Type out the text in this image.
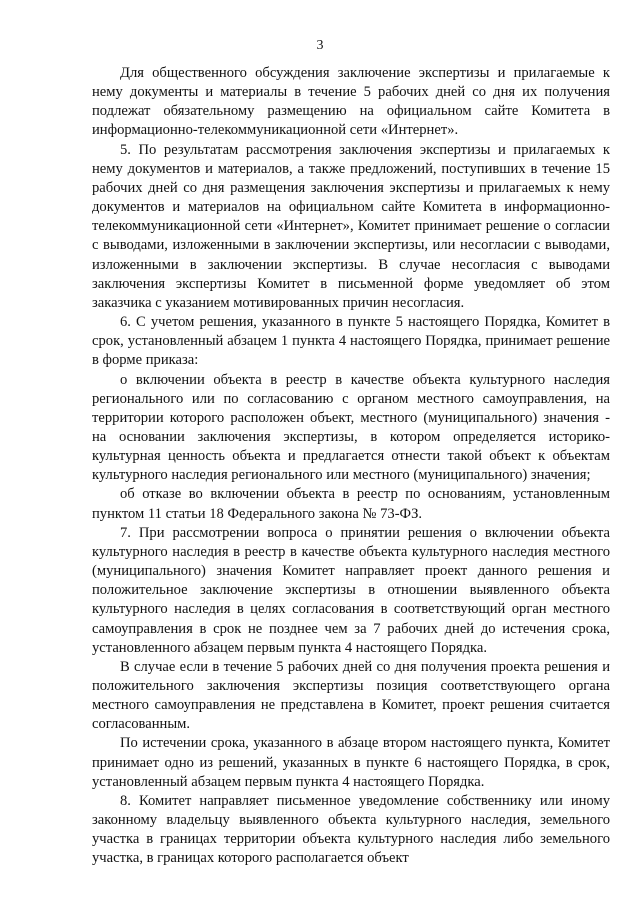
3

Для общественного обсуждения заключение экспертизы и прилагаемые к нему документы и материалы в течение 5 рабочих дней со дня их получения подлежат обязательному размещению на официальном сайте Комитета в информационно-телекоммуникационной сети «Интернет».

5. По результатам рассмотрения заключения экспертизы и прилагаемых к нему документов и материалов, а также предложений, поступивших в течение 15 рабочих дней со дня размещения заключения экспертизы и прилагаемых к нему документов и материалов на официальном сайте Комитета в информационно-телекоммуникационной сети «Интернет», Комитет принимает решение о согласии с выводами, изложенными в заключении экспертизы, или несогласии с выводами, изложенными в заключении экспертизы. В случае несогласия с выводами заключения экспертизы Комитет в письменной форме уведомляет об этом заказчика с указанием мотивированных причин несогласия.

6. С учетом решения, указанного в пункте 5 настоящего Порядка, Комитет в срок, установленный абзацем 1 пункта 4 настоящего Порядка, принимает решение в форме приказа:

о включении объекта в реестр в качестве объекта культурного наследия регионального или по согласованию с органом местного самоуправления, на территории которого расположен объект, местного (муниципального) значения - на основании заключения экспертизы, в котором определяется историко-культурная ценность объекта и предлагается отнести такой объект к объектам культурного наследия регионального или местного (муниципального) значения;

об отказе во включении объекта в реестр по основаниям, установленным пунктом 11 статьи 18 Федерального закона № 73-ФЗ.

7. При рассмотрении вопроса о принятии решения о включении объекта культурного наследия в реестр в качестве объекта культурного наследия местного (муниципального) значения Комитет направляет проект данного решения и положительное заключение экспертизы в отношении выявленного объекта культурного наследия в целях согласования в соответствующий орган местного самоуправления в срок не позднее чем за 7 рабочих дней до истечения срока, установленного абзацем первым пункта 4 настоящего Порядка.

В случае если в течение 5 рабочих дней со дня получения проекта решения и положительного заключения экспертизы позиция соответствующего органа местного самоуправления не представлена в Комитет, проект решения считается согласованным.

По истечении срока, указанного в абзаце втором настоящего пункта, Комитет принимает одно из решений, указанных в пункте 6 настоящего Порядка, в срок, установленный абзацем первым пункта 4 настоящего Порядка.

8. Комитет направляет письменное уведомление собственнику или иному законному владельцу выявленного объекта культурного наследия, земельного участка в границах территории объекта культурного наследия либо земельного участка, в границах которого располагается объект
